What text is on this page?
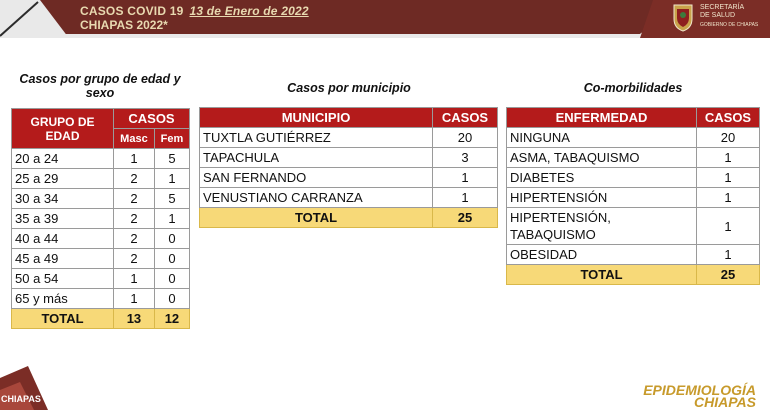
CASOS COVID 19 13 de Enero de 2022
CHIAPAS 2022*
SECRETARÍA
DE SALUD
GOBIERNO DE CHIAPAS
Casos por grupo de edad y sexo	Casos por municipio	Co-morbilidades
GRUPO DE EDAD	CASOS	
	Masc	Fem
20 a 24	1	5
25 a 29	2	1
30 a 34	2	5
35 a 39	2	1
40 a 44	2	0
45 a 49	2	0
50 a 54	1	0
65 y más	1	0
TOTAL	13	12
MUNICIPIO	CASOS
TUXTLA GUTIÉRREZ	20
TAPACHULA	3
SAN FERNANDO	1
VENUSTIANO CARRANZA	1
TOTAL	25
ENFERMEDAD	CASOS
NINGUNA	20
ASMA, TABAQUISMO	1
DIABETES	1
HIPERTENSIÓN	1
HIPERTENSIÓN, TABAQUISMO	1
OBESIDAD	1
TOTAL	25
CHIAPAS
EPIDEMIOLOGÍA
CHIAPAS
